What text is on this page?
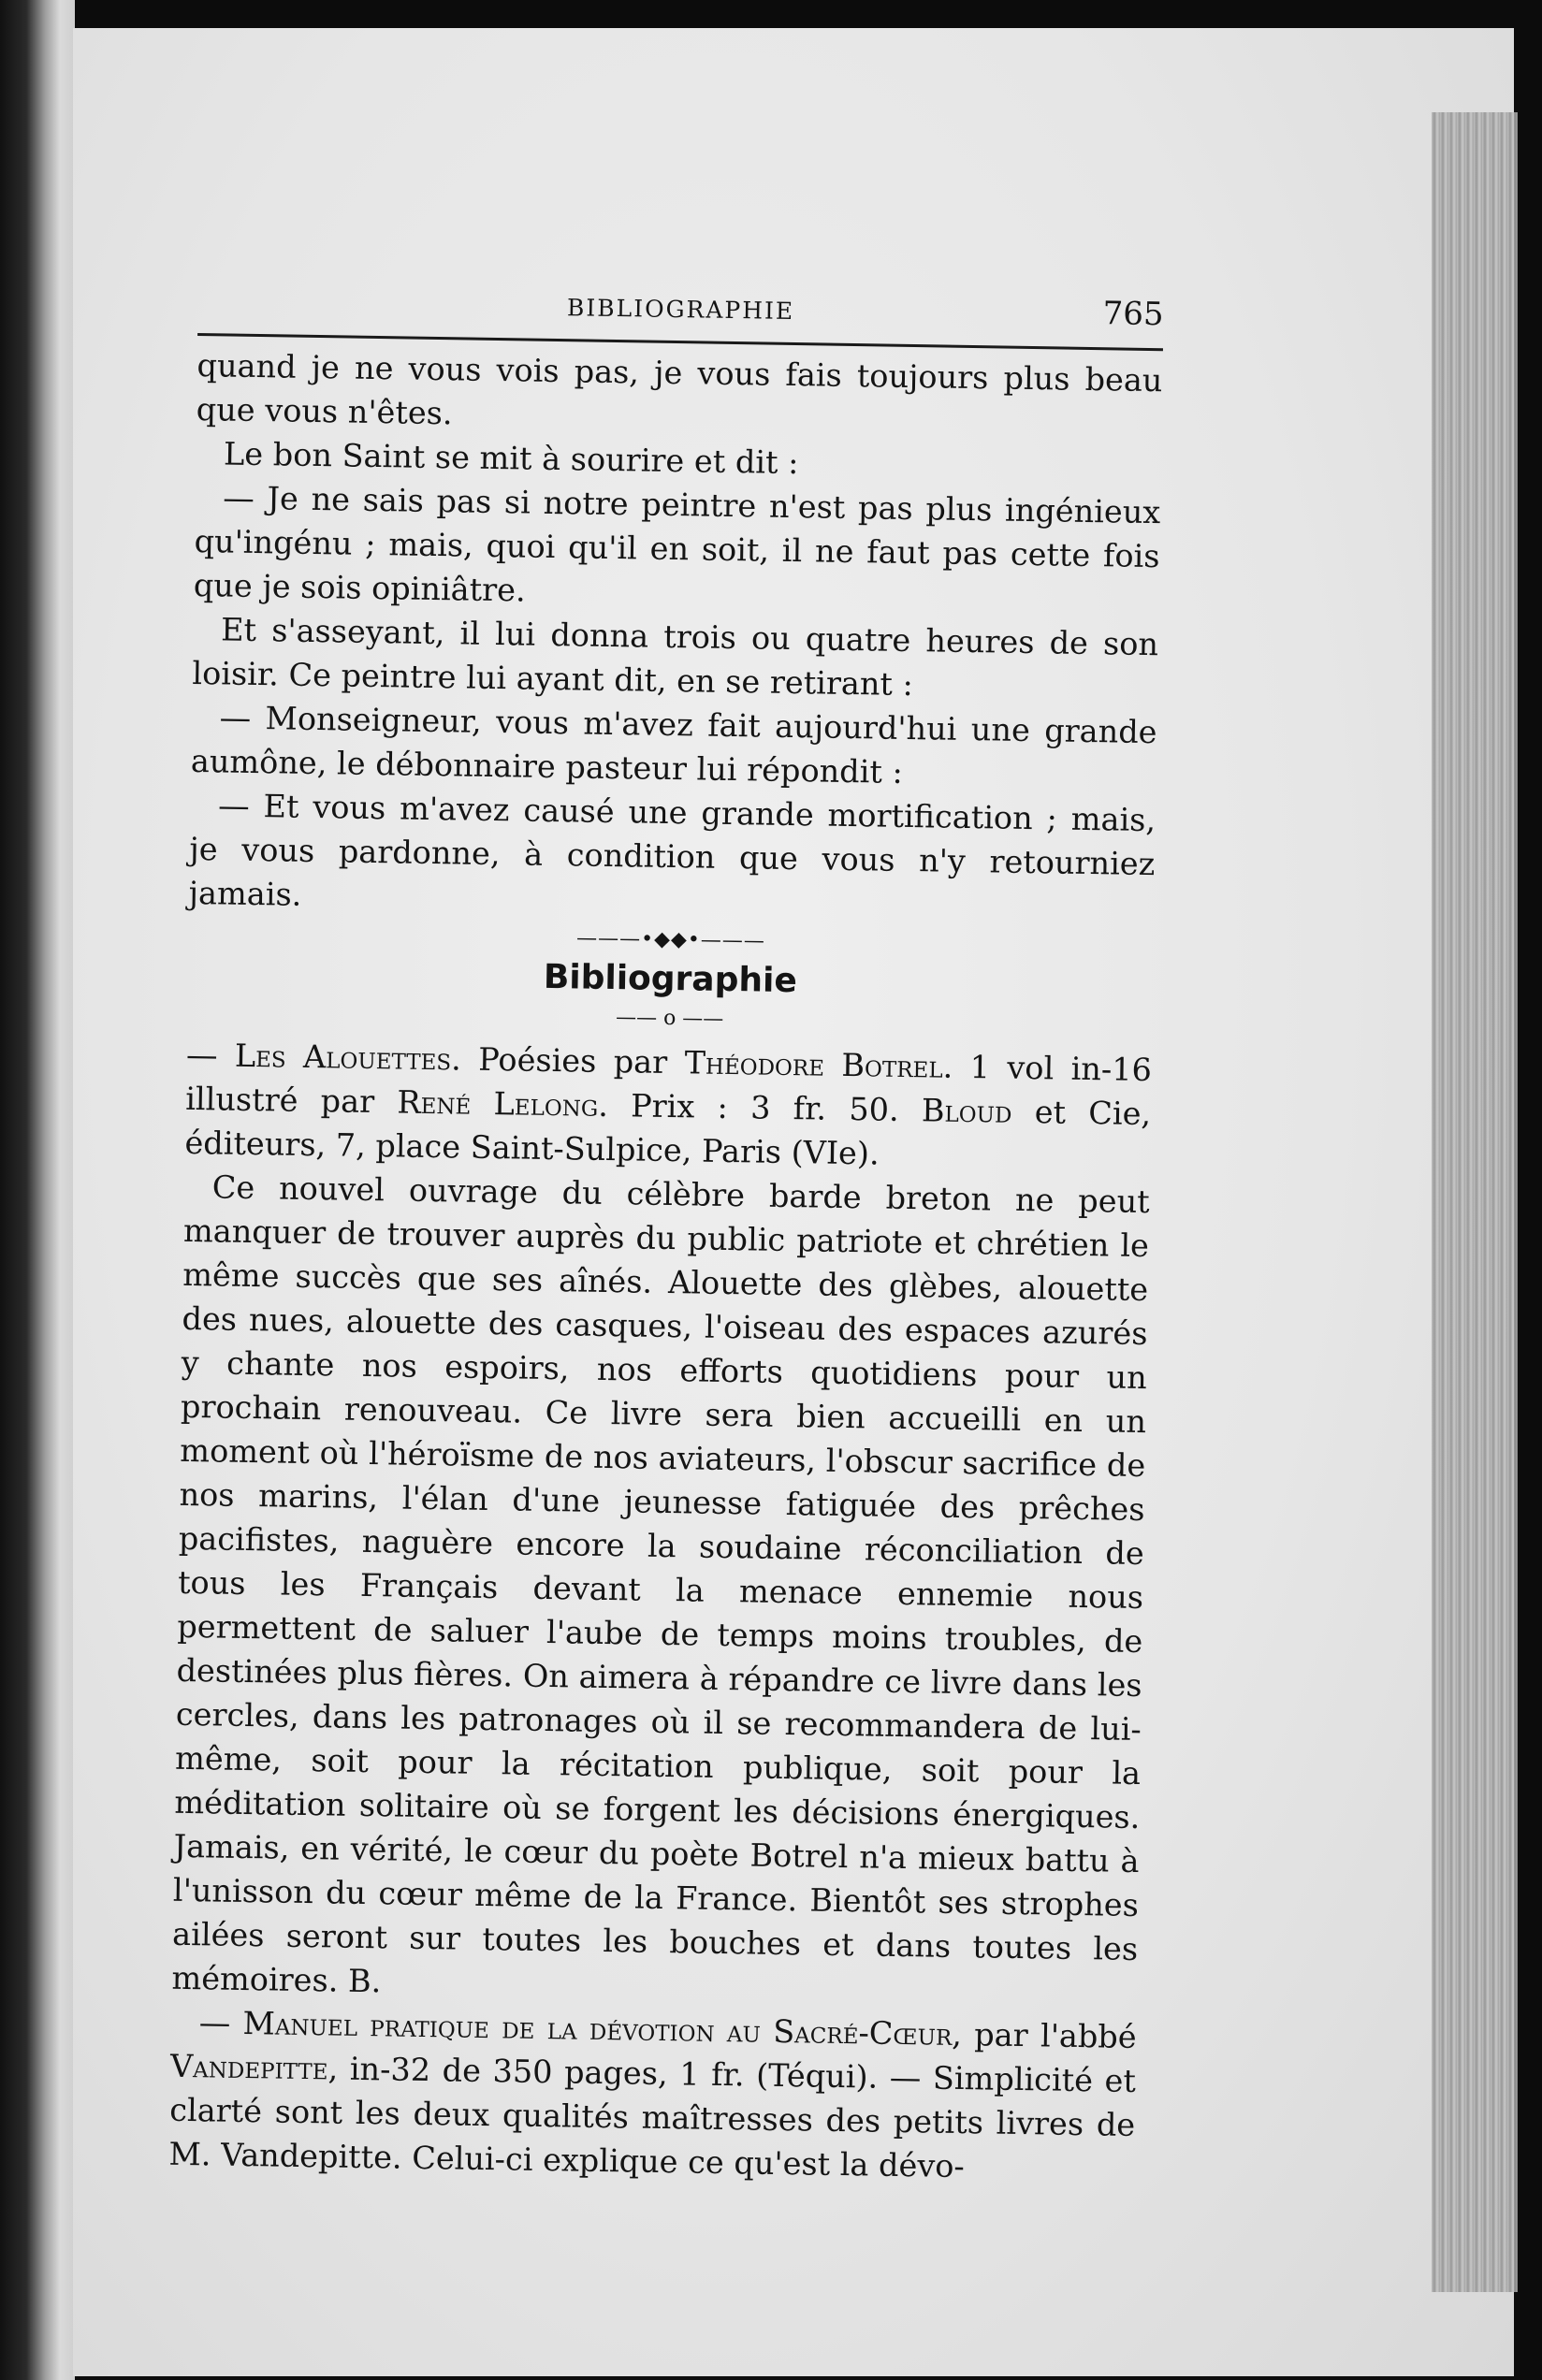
BIBLIOGRAPHIE	765

quand je ne vous vois pas, je vous fais toujours plus beau que vous n'êtes.

Le bon Saint se mit à sourire et dit :

— Je ne sais pas si notre peintre n'est pas plus ingénieux qu'ingénu ; mais, quoi qu'il en soit, il ne faut pas cette fois que je sois opiniâtre.

Et s'asseyant, il lui donna trois ou quatre heures de son loisir. Ce peintre lui ayant dit, en se retirant :

— Monseigneur, vous m'avez fait aujourd'hui une grande aumône, le débonnaire pasteur lui répondit :

— Et vous m'avez causé une grande mortification ; mais, je vous pardonne, à condition que vous n'y retourniez jamais.

———•◆◆•———
Bibliographie
—— o ——

— Les Alouettes. Poésies par Théodore Botrel. 1 vol in-16 illustré par René Lelong. Prix : 3 fr. 50. Bloud et Cie, éditeurs, 7, place Saint-Sulpice, Paris (VIe).

Ce nouvel ouvrage du célèbre barde breton ne peut manquer de trouver auprès du public patriote et chrétien le même succès que ses aînés. Alouette des glèbes, alouette des nues, alouette des casques, l'oiseau des espaces azurés y chante nos espoirs, nos efforts quotidiens pour un prochain renouveau. Ce livre sera bien accueilli en un moment où l'héroïsme de nos aviateurs, l'obscur sacrifice de nos marins, l'élan d'une jeunesse fatiguée des prêches pacifistes, naguère encore la soudaine réconciliation de tous les Français devant la menace ennemie nous permettent de saluer l'aube de temps moins troubles, de destinées plus fières. On aimera à répandre ce livre dans les cercles, dans les patronages où il se recommandera de lui-même, soit pour la récitation publique, soit pour la méditation solitaire où se forgent les décisions énergiques. Jamais, en vérité, le cœur du poète Botrel n'a mieux battu à l'unisson du cœur même de la France. Bientôt ses strophes ailées seront sur toutes les bouches et dans toutes les mémoires. B.

— Manuel pratique de la dévotion au Sacré-Cœur, par l'abbé Vandepitte, in-32 de 350 pages, 1 fr. (Téqui). — Simplicité et clarté sont les deux qualités maîtresses des petits livres de M. Vandepitte. Celui-ci explique ce qu'est la dévo-
